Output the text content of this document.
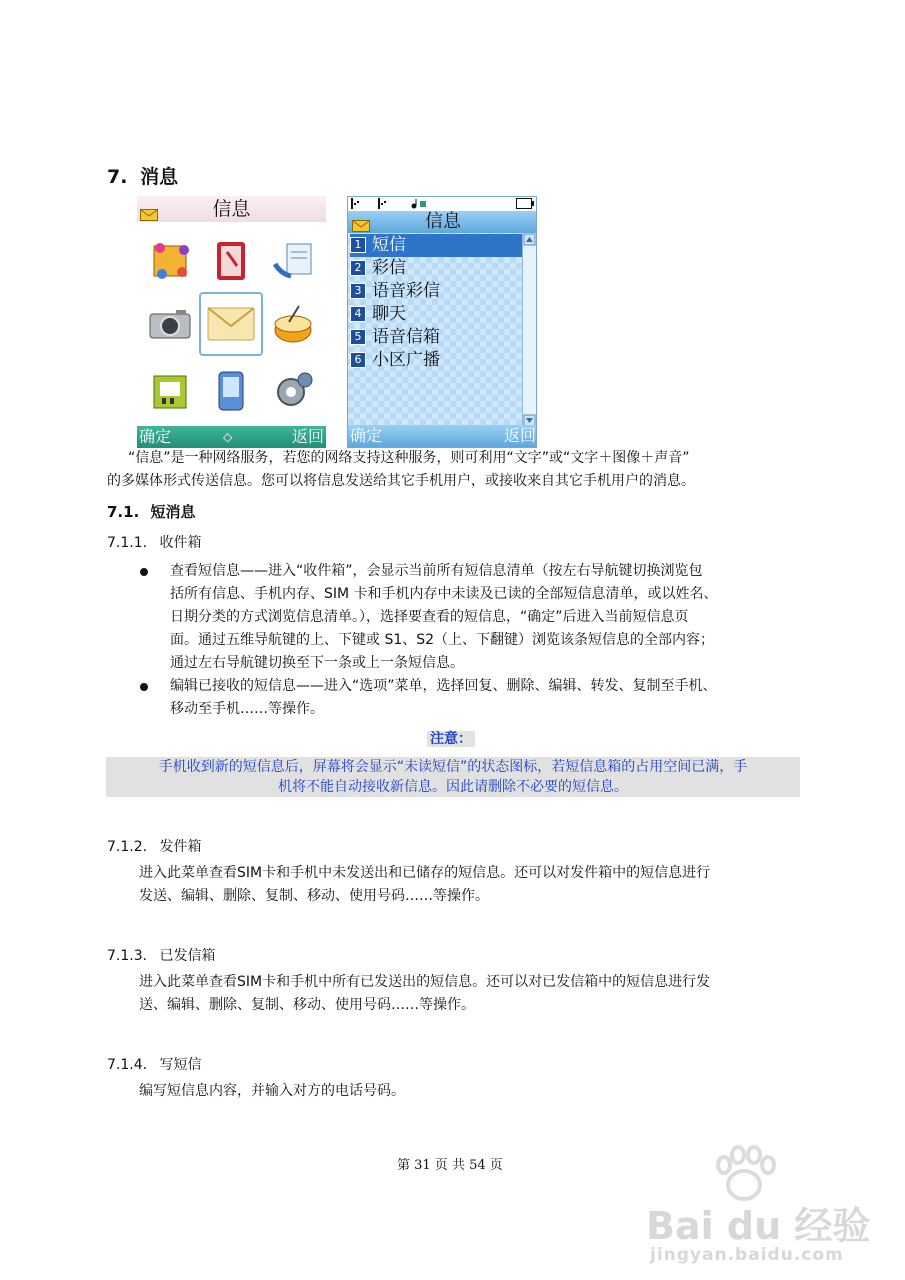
7. 消息
信息
确定	◇	返回
信息
1 短信
2 彩信
3 语音彩信
4 聊天
5 语音信箱
6 小区广播
确定	返回
“信息”是一种网络服务，若您的网络支持这种服务，则可利用“文字”或“文字＋图像＋声音”
的多媒体形式传送信息。您可以将信息发送给其它手机用户，或接收来自其它手机用户的消息。
7.1. 短消息
7.1.1. 收件箱
查看短信息——进入“收件箱”，会显示当前所有短信息清单（按左右导航键切换浏览包
括所有信息、手机内存、SIM 卡和手机内存中未读及已读的全部短信息清单，或以姓名、
日期分类的方式浏览信息清单。），选择要查看的短信息，“确定”后进入当前短信息页
面。通过五维导航键的上、下键或 S1、S2（上、下翻键）浏览该条短信息的全部内容；
通过左右导航键切换至下一条或上一条短信息。
编辑已接收的短信息——进入“选项”菜单，选择回复、删除、编辑、转发、复制至手机、
移动至手机……等操作。
注意：
手机收到新的短信息后，屏幕将会显示“未读短信”的状态图标，若短信息箱的占用空间已满，手
机将不能自动接收新信息。因此请删除不必要的短信息。
7.1.2. 发件箱
进入此菜单查看SIM卡和手机中未发送出和已储存的短信息。还可以对发件箱中的短信息进行
发送、编辑、删除、复制、移动、使用号码……等操作。
7.1.3. 已发信箱
进入此菜单查看SIM卡和手机中所有已发送出的短信息。还可以对已发信箱中的短信息进行发
送、编辑、删除、复制、移动、使用号码……等操作。
7.1.4. 写短信
编写短信息内容，并输入对方的电话号码。
第 31 页 共 54 页
Bai du 经验
jingyan.baidu.com
